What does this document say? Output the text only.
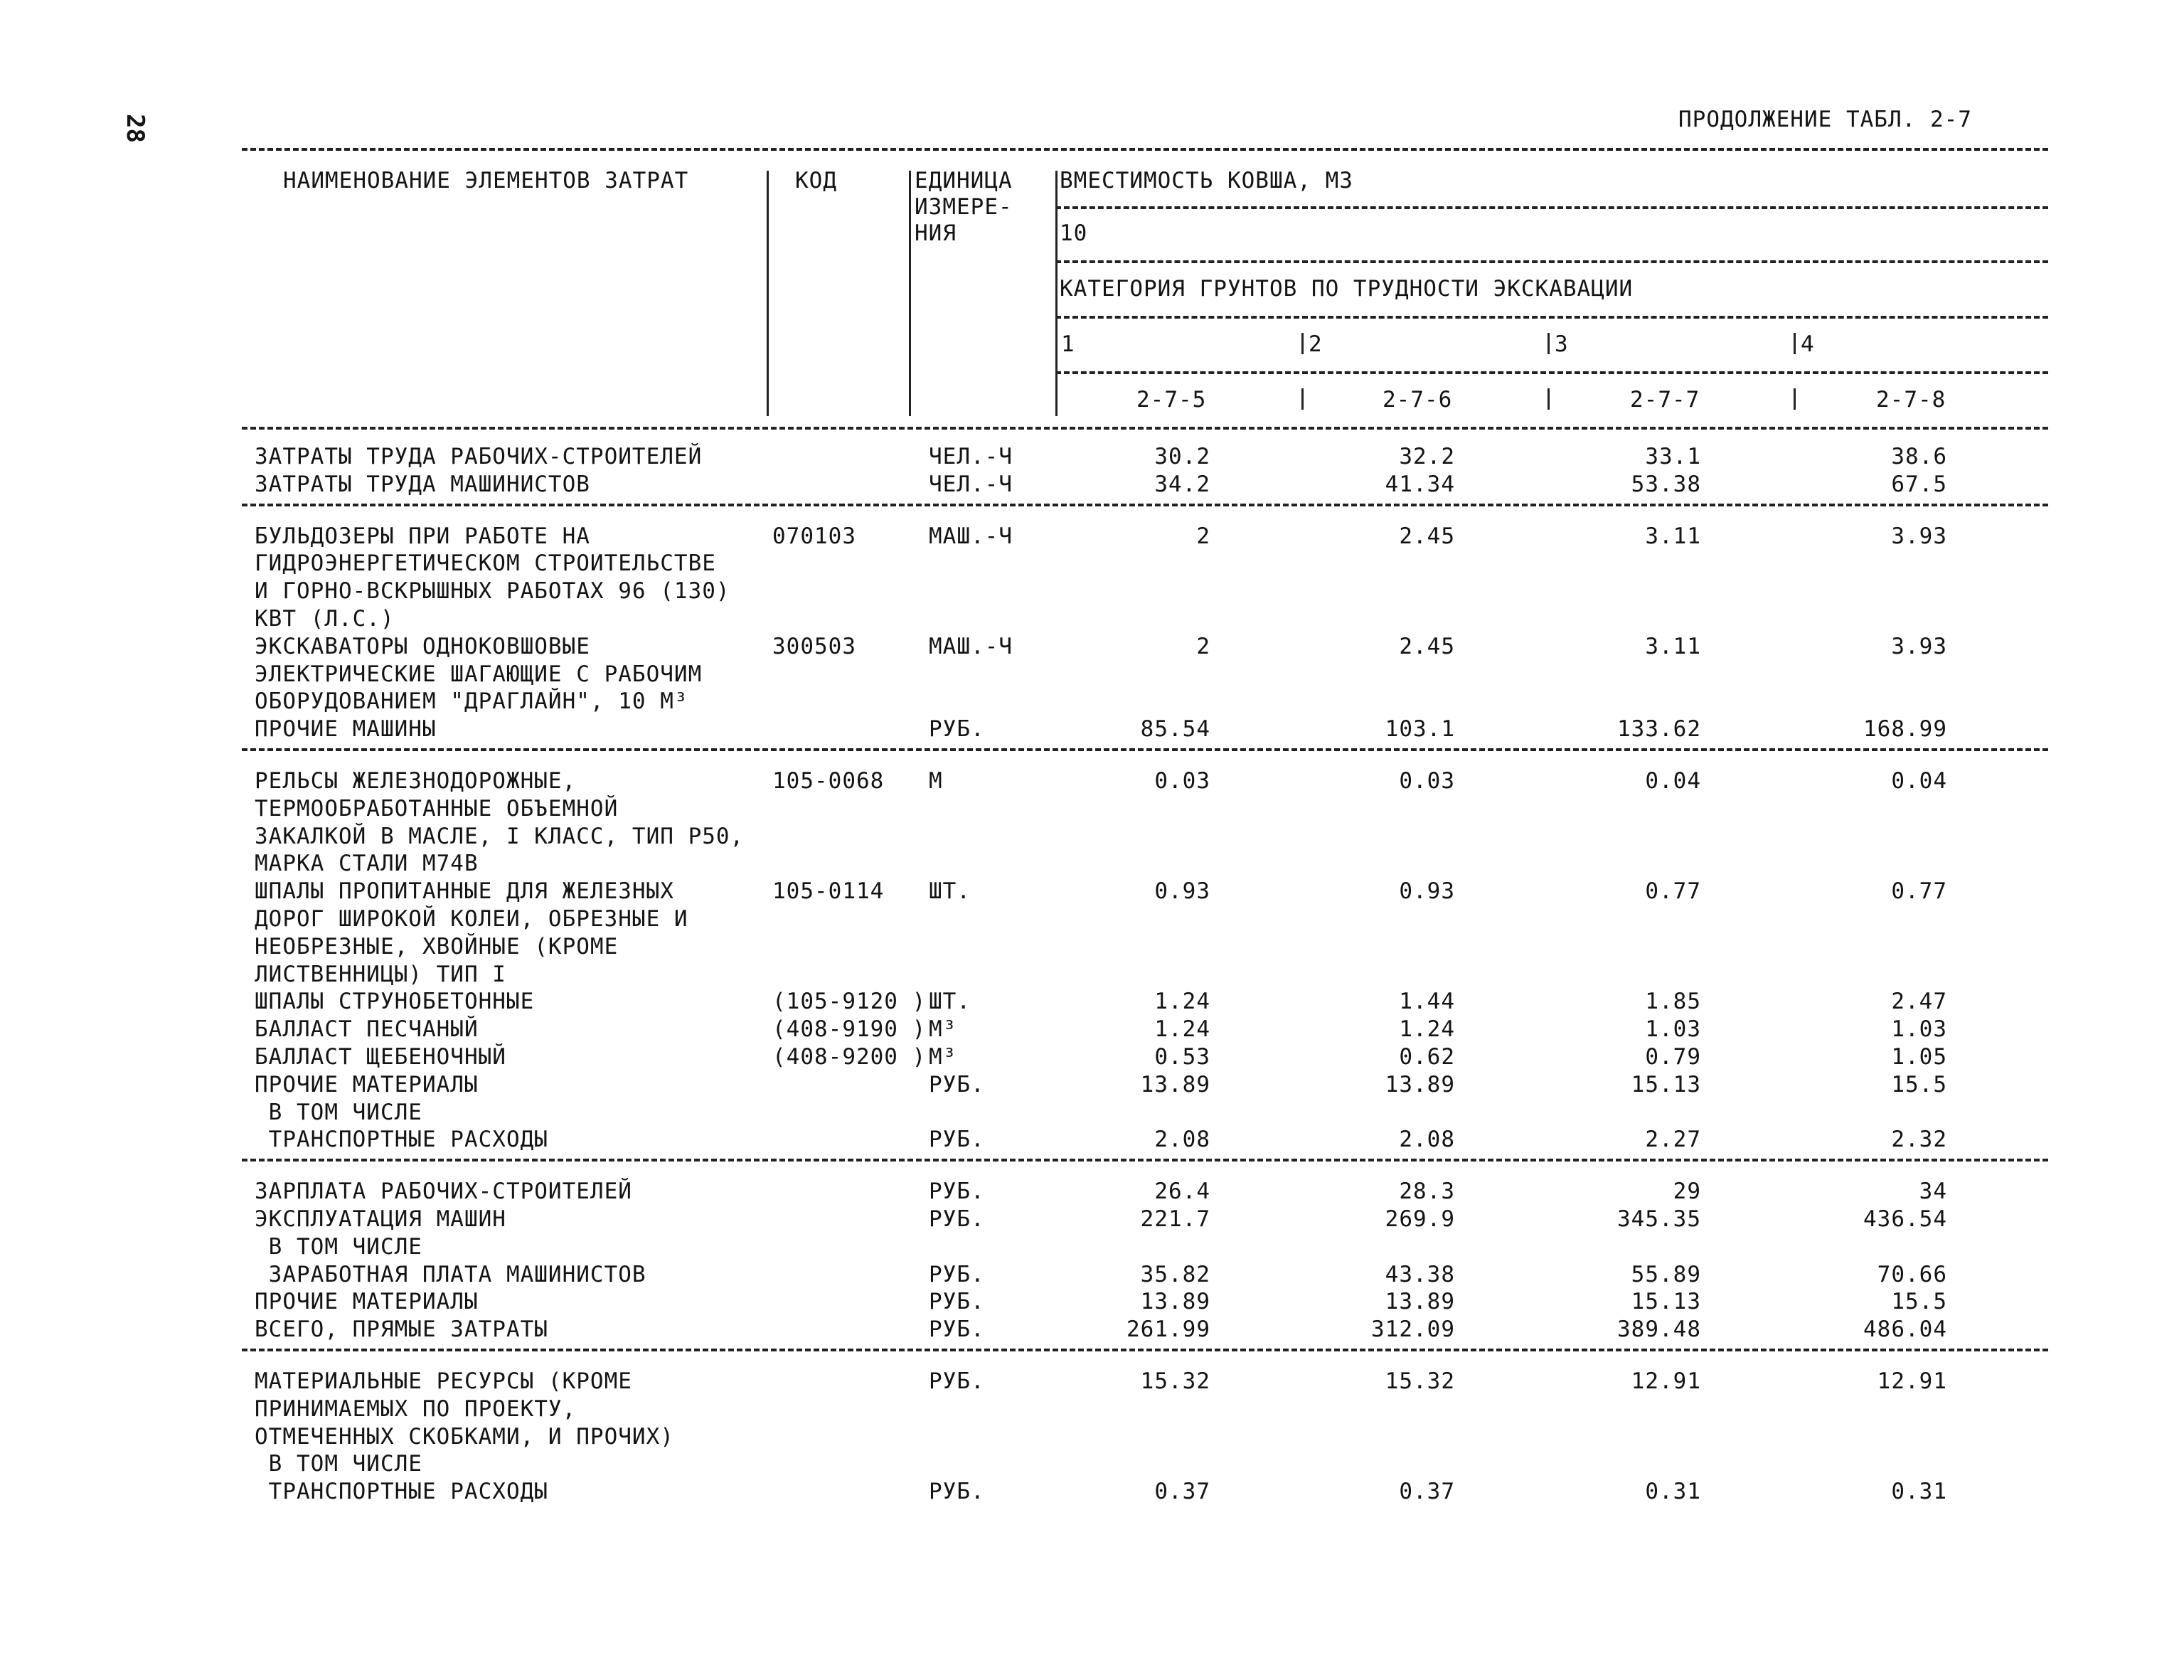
28	ПРОДОЛЖЕНИЕ ТАБЛ. 2-7
НАИМЕНОВАНИЕ ЭЛЕМЕНТОВ ЗАТРАТ	КОД	ЕДИНИЦА
ИЗМЕРЕ-
НИЯ
ВМЕСТИМОСТЬ КОВША, М3
10
КАТЕГОРИЯ ГРУНТОВ ПО ТРУДНОСТИ ЭКСКАВАЦИИ
1	2	3	4
2-7-5	2-7-6	2-7-7	2-7-8
ЗАТРАТЫ ТРУДА РАБОЧИХ-СТРОИТЕЛЕЙ	ЧЕЛ.-Ч	30.2	32.2	33.1	38.6
ЗАТРАТЫ ТРУДА МАШИНИСТОВ	ЧЕЛ.-Ч	34.2	41.34	53.38	67.5
БУЛЬДОЗЕРЫ ПРИ РАБОТЕ НА
ГИДРОЭНЕРГЕТИЧЕСКОМ СТРОИТЕЛЬСТВЕ
И ГОРНО-ВСКРЫШНЫХ РАБОТАХ 96 (130)
КВТ (Л.С.)
070103	МАШ.-Ч	2	2.45	3.11	3.93
ЭКСКАВАТОРЫ ОДНОКОВШОВЫЕ
ЭЛЕКТРИЧЕСКИЕ ШАГАЮЩИЕ С РАБОЧИМ
ОБОРУДОВАНИЕМ "ДРАГЛАЙН", 10 М³
300503	МАШ.-Ч	2	2.45	3.11	3.93
ПРОЧИЕ МАШИНЫ	РУБ.	85.54	103.1	133.62	168.99
РЕЛЬСЫ ЖЕЛЕЗНОДОРОЖНЫЕ,
ТЕРМООБРАБОТАННЫЕ ОБЪЕМНОЙ
ЗАКАЛКОЙ В МАСЛЕ, I КЛАСС, ТИП Р50,
МАРКА СТАЛИ М74В
105-0068 М	0.03	0.03	0.04	0.04
ШПАЛЫ ПРОПИТАННЫЕ ДЛЯ ЖЕЛЕЗНЫХ
ДОРОГ ШИРОКОЙ КОЛЕИ, ОБРЕЗНЫЕ И
НЕОБРЕЗНЫЕ, ХВОЙНЫЕ (КРОМЕ
ЛИСТВЕННИЦЫ) ТИП I
105-0114 ШТ.	0.93	0.93	0.77	0.77
ШПАЛЫ СТРУНОБЕТОННЫЕ	(105-9120 ) ШТ.	1.24	1.44	1.85	2.47
БАЛЛАСТ ПЕСЧАНЫЙ	(408-9190 ) М³	1.24	1.24	1.03	1.03
БАЛЛАСТ ЩЕБЕНОЧНЫЙ	(408-9200 ) М³	0.53	0.62	0.79	1.05
ПРОЧИЕ МАТЕРИАЛЫ	РУБ.	13.89	13.89	15.13	15.5
В ТОМ ЧИСЛЕ
ТРАНСПОРТНЫЕ РАСХОДЫ	РУБ.	2.08	2.08	2.27	2.32
ЗАРПЛАТА РАБОЧИХ-СТРОИТЕЛЕЙ	РУБ.	26.4	28.3	29	34
ЭКСПЛУАТАЦИЯ МАШИН	РУБ.	221.7	269.9	345.35	436.54
В ТОМ ЧИСЛЕ
ЗАРАБОТНАЯ ПЛАТА МАШИНИСТОВ	РУБ.	35.82	43.38	55.89	70.66
ПРОЧИЕ МАТЕРИАЛЫ	РУБ.	13.89	13.89	15.13	15.5
ВСЕГО, ПРЯМЫЕ ЗАТРАТЫ	РУБ.	261.99	312.09	389.48	486.04
МАТЕРИАЛЬНЫЕ РЕСУРСЫ (КРОМЕ
ПРИНИМАЕМЫХ ПО ПРОЕКТУ,
ОТМЕЧЕННЫХ СКОБКАМИ, И ПРОЧИХ)
В ТОМ ЧИСЛЕ
РУБ.	15.32	15.32	12.91	12.91
ТРАНСПОРТНЫЕ РАСХОДЫ	РУБ.	0.37	0.37	0.31	0.31
